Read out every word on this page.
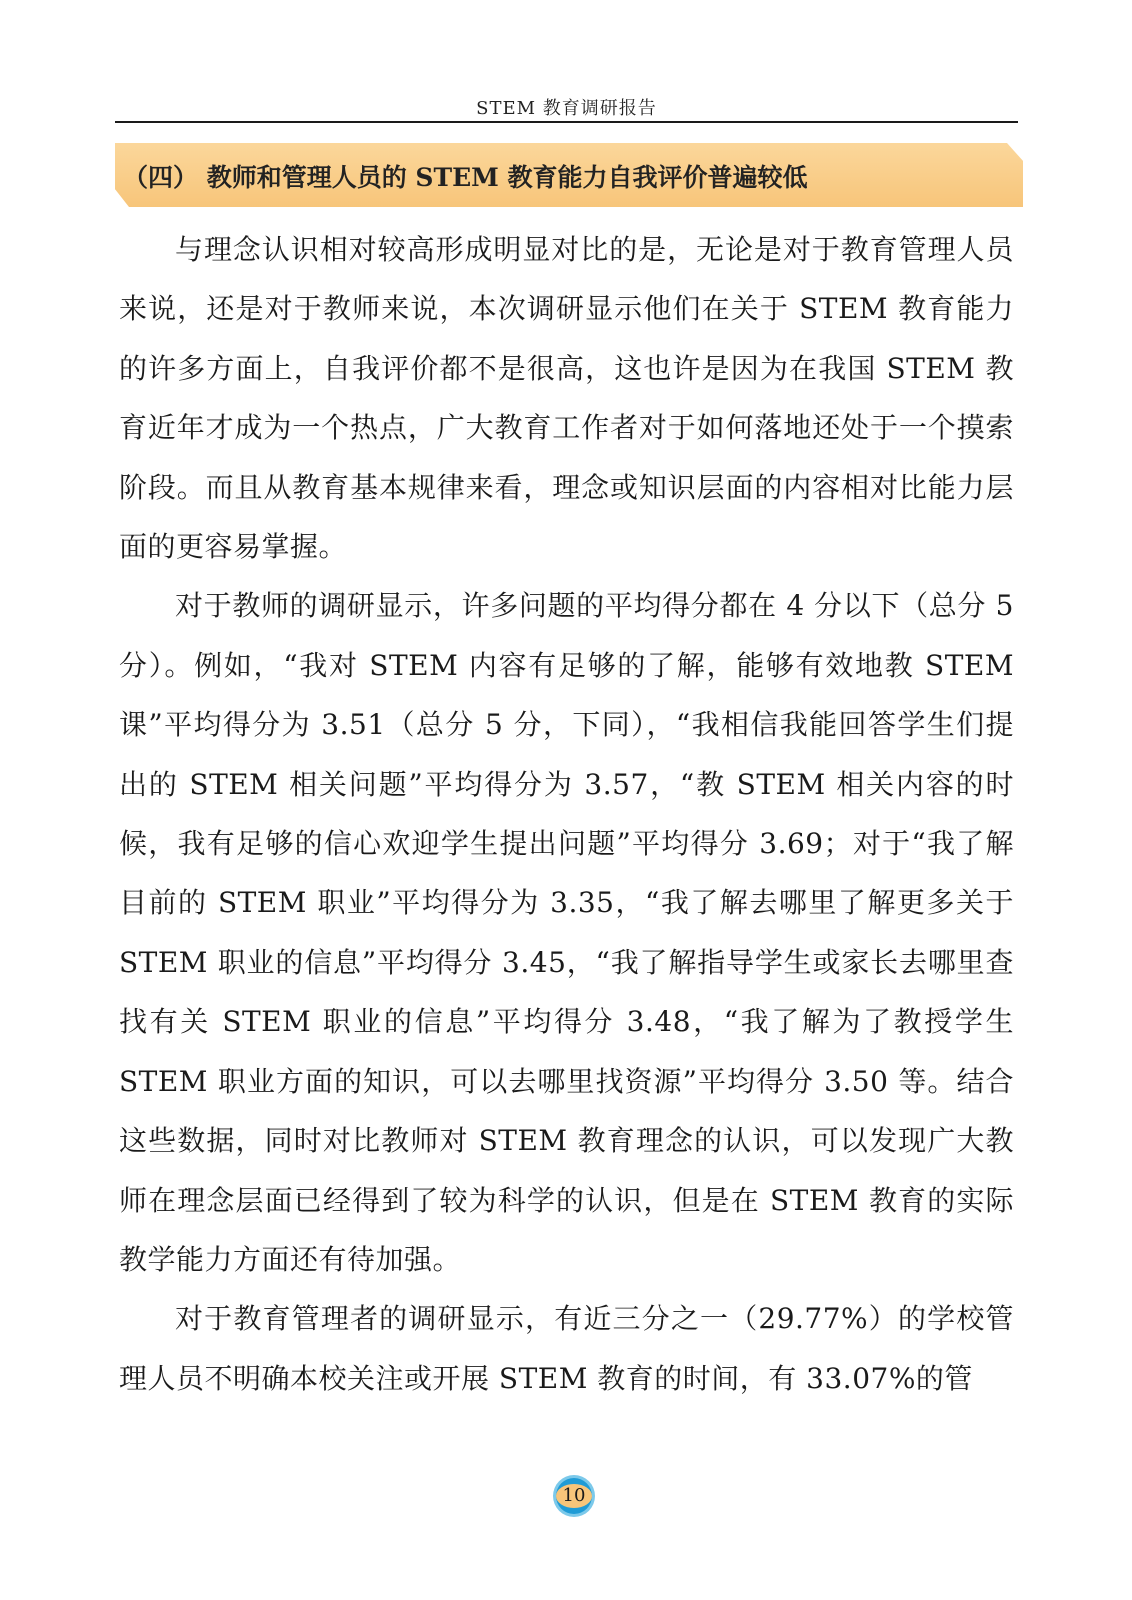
STEM 教育调研报告
（四） 教师和管理人员的 STEM 教育能力自我评价普遍较低

与理念认识相对较高形成明显对比的是，无论是对于教育管理人员来说，还是对于教师来说，本次调研显示他们在关于 STEM 教育能力的许多方面上，自我评价都不是很高，这也许是因为在我国 STEM 教育近年才成为一个热点，广大教育工作者对于如何落地还处于一个摸索阶段。而且从教育基本规律来看，理念或知识层面的内容相对比能力层面的更容易掌握。

对于教师的调研显示，许多问题的平均得分都在 4 分以下（总分 5 分）。例如，“我对 STEM 内容有足够的了解，能够有效地教 STEM 课”平均得分为 3.51（总分 5 分，下同），“我相信我能回答学生们提出的 STEM 相关问题”平均得分为 3.57，“教 STEM 相关内容的时候，我有足够的信心欢迎学生提出问题”平均得分 3.69；对于“我了解目前的 STEM 职业”平均得分为 3.35，“我了解去哪里了解更多关于 STEM 职业的信息”平均得分 3.45，“我了解指导学生或家长去哪里查找有关 STEM 职业的信息”平均得分 3.48，“我了解为了教授学生 STEM 职业方面的知识，可以去哪里找资源”平均得分 3.50 等。结合这些数据，同时对比教师对 STEM 教育理念的认识，可以发现广大教师在理念层面已经得到了较为科学的认识，但是在 STEM 教育的实际教学能力方面还有待加强。

对于教育管理者的调研显示，有近三分之一（29.77%）的学校管理人员不明确本校关注或开展 STEM 教育的时间，有 33.07%的管

10
